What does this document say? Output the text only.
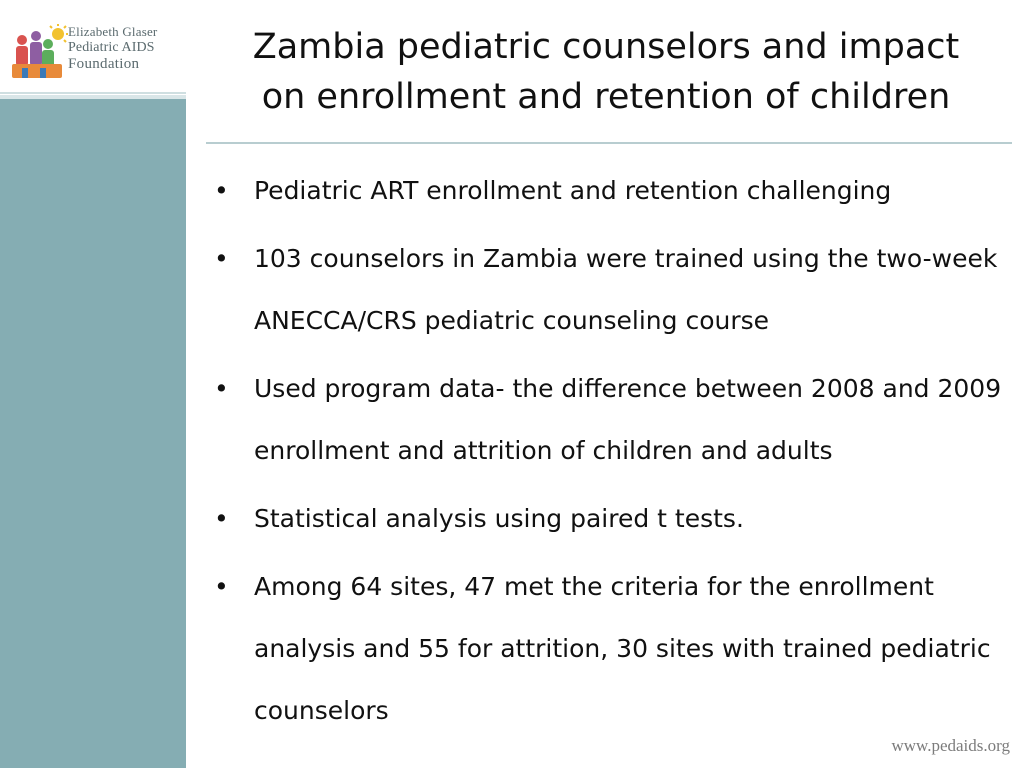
Elizabeth Glaser
Pediatric AIDS
Foundation	Zambia pediatric counselors and impact
on enrollment and retention of children
• Pediatric ART enrollment and retention challenging
• 103 counselors in Zambia were trained using the two-week ANECCA/CRS pediatric counseling course
• Used program data- the difference between 2008 and 2009 enrollment and attrition of children and adults
• Statistical analysis using paired t tests.
• Among 64 sites, 47 met the criteria for the enrollment analysis and 55 for attrition, 30 sites with trained pediatric counselors
www.pedaids.org
